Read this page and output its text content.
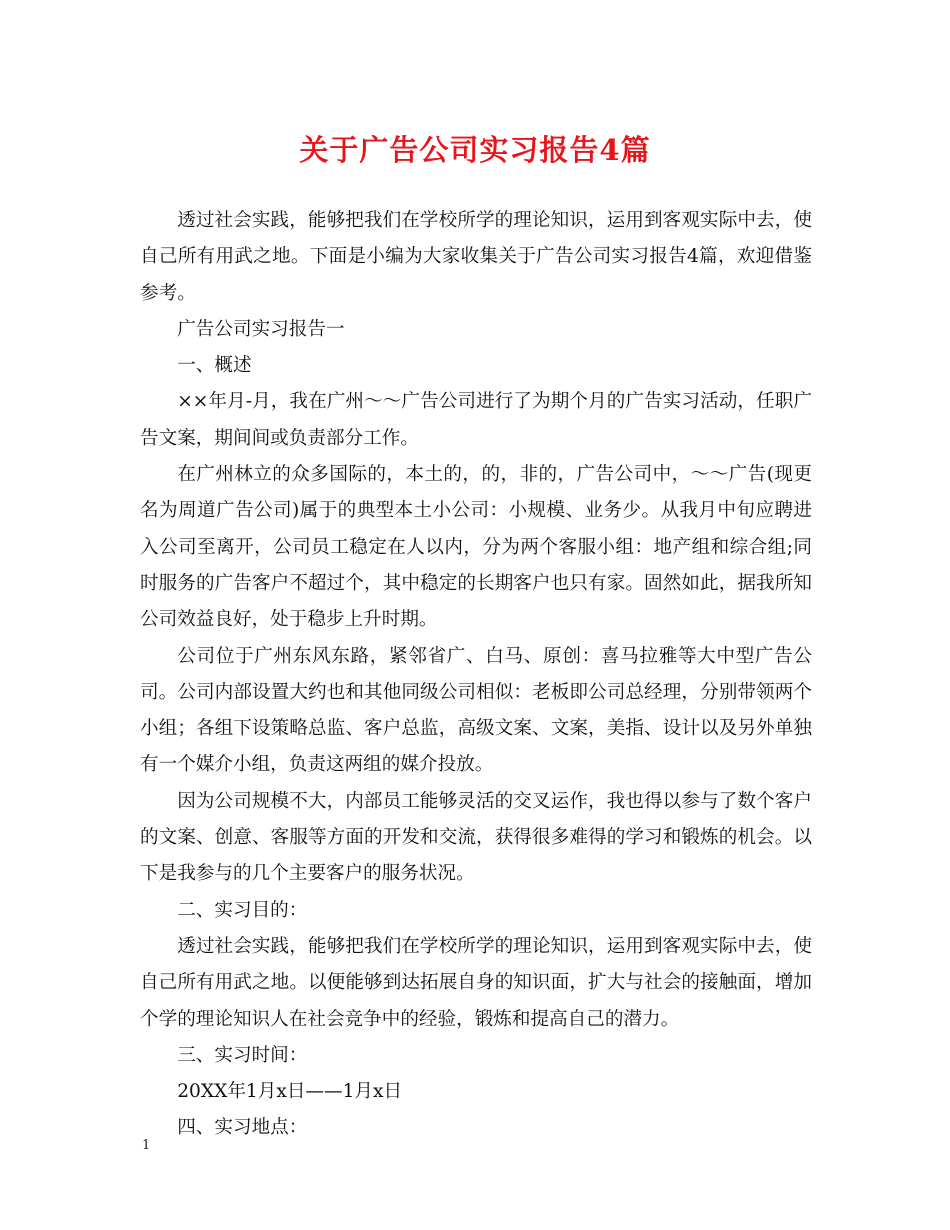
关于广告公司实习报告4篇

透过社会实践，能够把我们在学校所学的理论知识，运用到客观实际中去，使自己所有用武之地。下面是小编为大家收集关于广告公司实习报告4篇，欢迎借鉴参考。

广告公司实习报告一

一、概述

××年月-月，我在广州～～广告公司进行了为期个月的广告实习活动，任职广告文案，期间间或负责部分工作。

在广州林立的众多国际的，本土的，的，非的，广告公司中，～～广告(现更名为周道广告公司)属于的典型本土小公司：小规模、业务少。从我月中旬应聘进入公司至离开，公司员工稳定在人以内，分为两个客服小组：地产组和综合组;同时服务的广告客户不超过个，其中稳定的长期客户也只有家。固然如此，据我所知公司效益良好，处于稳步上升时期。

公司位于广州东风东路，紧邻省广、白马、原创：喜马拉雅等大中型广告公司。公司内部设置大约也和其他同级公司相似：老板即公司总经理，分别带领两个小组；各组下设策略总监、客户总监，高级文案、文案，美指、设计以及另外单独有一个媒介小组，负责这两组的媒介投放。

因为公司规模不大，内部员工能够灵活的交叉运作，我也得以参与了数个客户的文案、创意、客服等方面的开发和交流，获得很多难得的学习和锻炼的机会。以下是我参与的几个主要客户的服务状况。

二、实习目的：

透过社会实践，能够把我们在学校所学的理论知识，运用到客观实际中去，使自己所有用武之地。以便能够到达拓展自身的知识面，扩大与社会的接触面，增加个学的理论知识人在社会竞争中的经验，锻炼和提高自己的潜力。

三、实习时间：

20XX年1月x日——1月x日

四、实习地点：

1
